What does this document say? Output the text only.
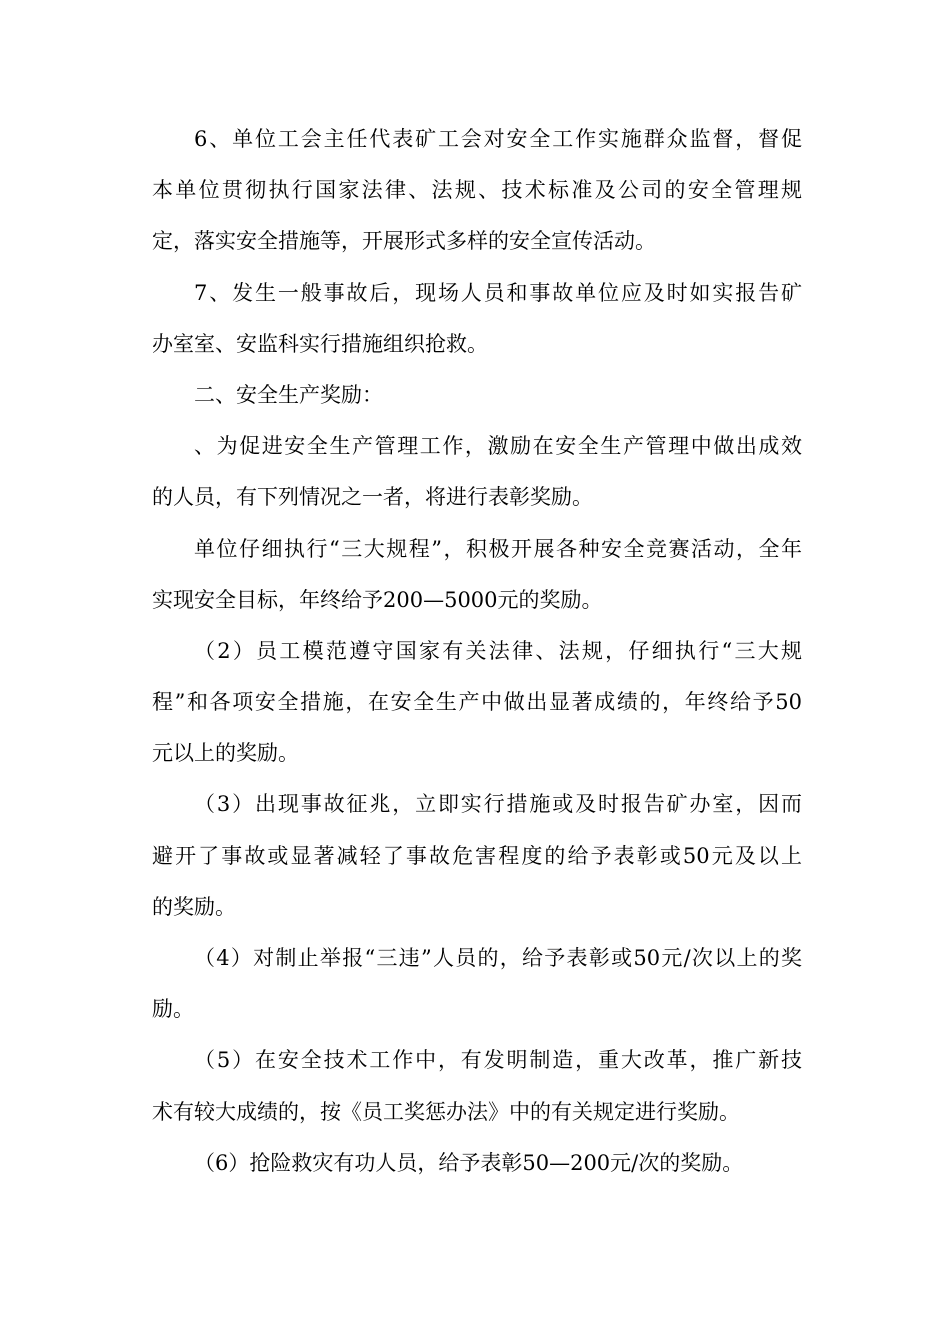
6、单位工会主任代表矿工会对安全工作实施群众监督，督促
本单位贯彻执行国家法律、法规、技术标准及公司的安全管理规
定，落实安全措施等，开展形式多样的安全宣传活动。
7、发生一般事故后，现场人员和事故单位应及时如实报告矿
办室室、安监科实行措施组织抢救。
二、安全生产奖励：
、为促进安全生产管理工作，激励在安全生产管理中做出成效
的人员，有下列情况之一者，将进行表彰奖励。
单位仔细执行“三大规程”，积极开展各种安全竞赛活动，全年
实现安全目标，年终给予200—5000元的奖励。
（2）员工模范遵守国家有关法律、法规，仔细执行“三大规
程”和各项安全措施，在安全生产中做出显著成绩的，年终给予50
元以上的奖励。
（3）出现事故征兆，立即实行措施或及时报告矿办室，因而
避开了事故或显著减轻了事故危害程度的给予表彰或50元及以上
的奖励。
（4）对制止举报“三违”人员的，给予表彰或50元/次以上的奖
励。
（5）在安全技术工作中，有发明制造，重大改革，推广新技
术有较大成绩的，按《员工奖惩办法》中的有关规定进行奖励。
（6）抢险救灾有功人员，给予表彰50—200元/次的奖励。
